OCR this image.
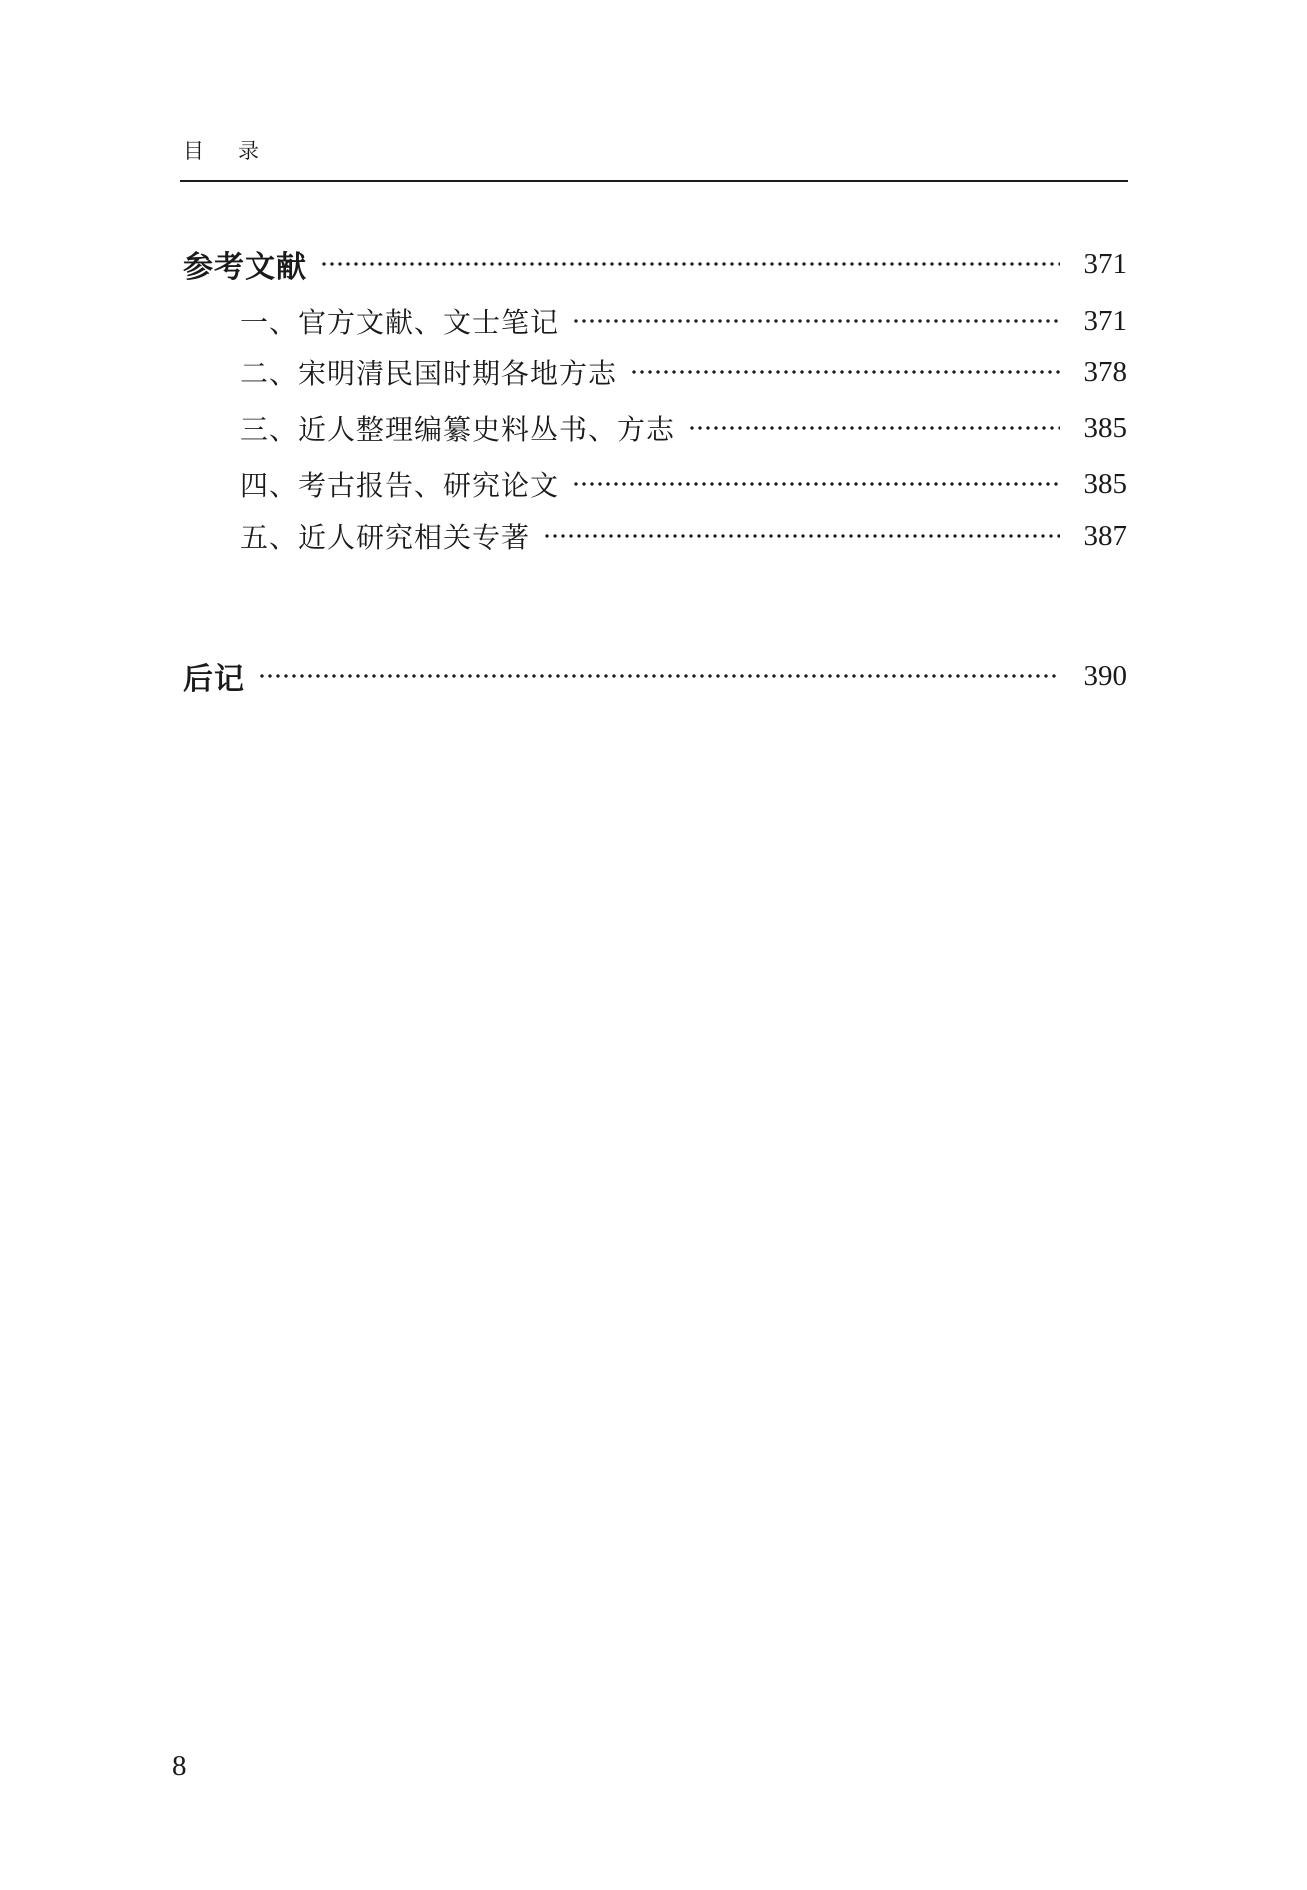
目 录
参考文献	371
一、官方文献、文士笔记	371
二、宋明清民国时期各地方志	378
三、近人整理编纂史料丛书、方志	385
四、考古报告、研究论文	385
五、近人研究相关专著	387
后记	390
8
